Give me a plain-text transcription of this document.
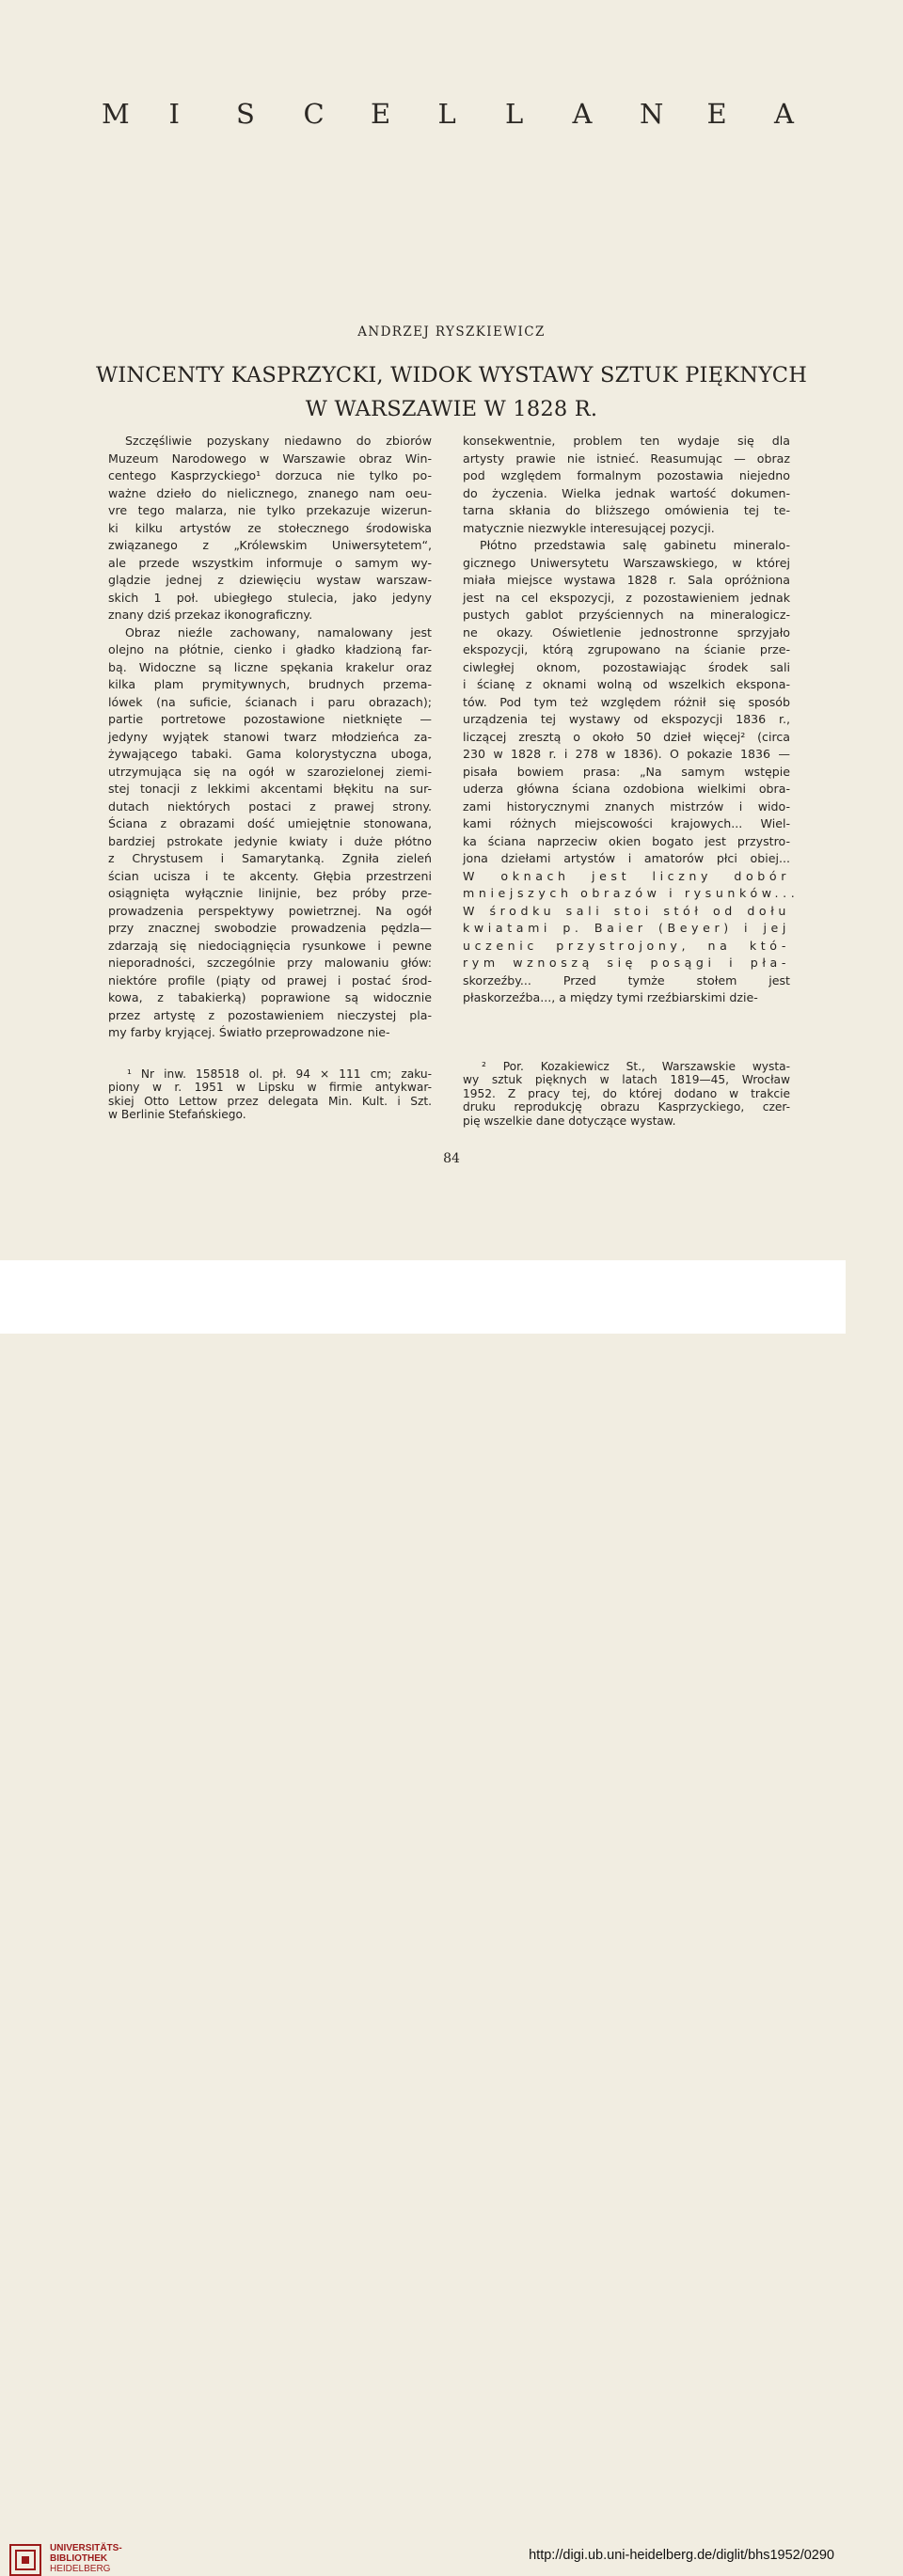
M I S C E L L A N E A
ANDRZEJ RYSZKIEWICZ
WINCENTY KASPRZYCKI, WIDOK WYSTAWY SZTUK PIĘKNYCH
W WARSZAWIE W 1828 R.
Szczęśliwie pozyskany niedawno do zbiorów
Muzeum Narodowego w Warszawie obraz Win-
centego Kasprzyckiego¹ dorzuca nie tylko po-
ważne dzieło do nielicznego, znanego nam oeu-
vre tego malarza, nie tylko przekazuje wizerun-
ki kilku artystów ze stołecznego środowiska
związanego z „Królewskim Uniwersytetem“,
ale przede wszystkim informuje o samym wy-
glądzie jednej z dziewięciu wystaw warszaw-
skich 1 poł. ubiegłego stulecia, jako jedyny
znany dziś przekaz ikonograficzny.
Obraz nieźle zachowany, namalowany jest
olejno na płótnie, cienko i gładko kładzioną far-
bą. Widoczne są liczne spękania krakelur oraz
kilka plam prymitywnych, brudnych przema-
lówek (na suficie, ścianach i paru obrazach);
partie portretowe pozostawione nietknięte —
jedyny wyjątek stanowi twarz młodzieńca za-
żywającego tabaki. Gama kolorystyczna uboga,
utrzymująca się na ogół w szarozielonej ziemi-
stej tonacji z lekkimi akcentami błękitu na sur-
dutach niektórych postaci z prawej strony.
Ściana z obrazami dość umiejętnie stonowana,
bardziej pstrokate jedynie kwiaty i duże płótno
z Chrystusem i Samarytanką. Zgniła zieleń
ścian ucisza i te akcenty. Głębia przestrzeni
osiągnięta wyłącznie linijnie, bez próby prze-
prowadzenia perspektywy powietrznej. Na ogół
przy znacznej swobodzie prowadzenia pędzla—
zdarzają się niedociągnięcia rysunkowe i pewne
nieporadności, szczególnie przy malowaniu głów:
niektóre profile (piąty od prawej i postać środ-
kowa, z tabakierką) poprawione są widocznie
przez artystę z pozostawieniem nieczystej pla-
my farby kryjącej. Światło przeprowadzone nie-
konsekwentnie, problem ten wydaje się dla
artysty prawie nie istnieć. Reasumując — obraz
pod względem formalnym pozostawia niejedno
do życzenia. Wielka jednak wartość dokumen-
tarna skłania do bliższego omówienia tej te-
matycznie niezwykle interesującej pozycji.
Płótno przedstawia salę gabinetu mineralo-
gicznego Uniwersytetu Warszawskiego, w której
miała miejsce wystawa 1828 r. Sala opróżniona
jest na cel ekspozycji, z pozostawieniem jednak
pustych gablot przyściennych na mineralogicz-
ne okazy. Oświetlenie jednostronne sprzyjało
ekspozycji, którą zgrupowano na ścianie prze-
ciwległej oknom, pozostawiając środek sali
i ścianę z oknami wolną od wszelkich ekspona-
tów. Pod tym też względem różnił się sposób
urządzenia tej wystawy od ekspozycji 1836 r.,
liczącej zresztą o około 50 dzieł więcej² (circa
230 w 1828 r. i 278 w 1836). O pokazie 1836 —
pisała bowiem prasa: „Na samym wstępie
uderza główna ściana ozdobiona wielkimi obra-
zami historycznymi znanych mistrzów i wido-
kami różnych miejscowości krajowych... Wiel-
ka ściana naprzeciw okien bogato jest przystro-
jona dziełami artystów i amatorów płci obiej...
W oknach jest liczny dobór
mniejszych obrazów i rysunków...
W środku sali stoi stół od dołu
kwiatami p. Baier (Beyer) i jej
uczenic przystrojony, na któ-
rym wznoszą się posągi i pła-
skorzeźby... Przed tymże stołem jest
płaskorzeźba..., a między tymi rzeźbiarskimi dzie-
¹ Nr inw. 158518 ol. pł. 94 × 111 cm; zaku-
piony w r. 1951 w Lipsku w firmie antykwar-
skiej Otto Lettow przez delegata Min. Kult. i Szt.
w Berlinie Stefańskiego.
² Por. Kozakiewicz St., Warszawskie wysta-
wy sztuk pięknych w latach 1819—45, Wrocław
1952. Z pracy tej, do której dodano w trakcie
druku reprodukcję obrazu Kasprzyckiego, czer-
pię wszelkie dane dotyczące wystaw.
84
UNIVERSITÄTS-
BIBLIOTHEK
HEIDELBERG
http://digi.ub.uni-heidelberg.de/diglit/bhs1952/0290
